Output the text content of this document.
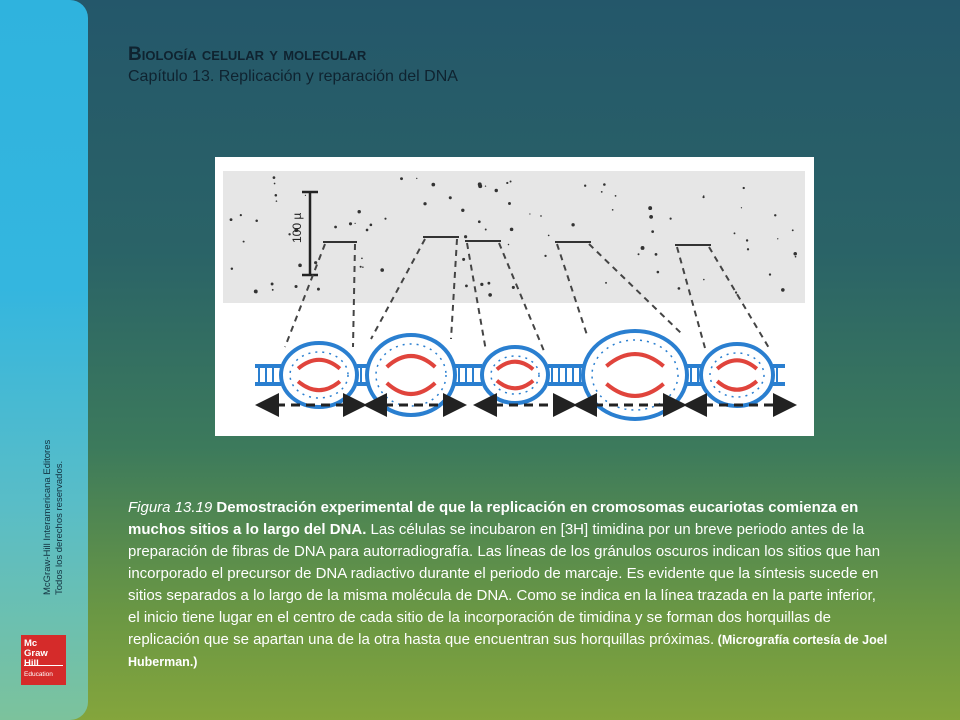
McGraw-Hill Interamericana Editores Todos los derechos reservados.
Mc
Graw
Hill
Education
Biología celular y molecular
Capítulo 13. Replicación y reparación del DNA
100 µ
Figura 13.19 Demostración experimental de que la replicación en cromosomas eucariotas comienza en muchos sitios a lo largo del DNA. Las células se incubaron en [3H] timidina por un breve periodo antes de la preparación de fibras de DNA para autorradiografía. Las líneas de los gránulos oscuros indican los sitios que han incorporado el precursor de DNA radiactivo durante el periodo de marcaje. Es evidente que la síntesis sucede en sitios separados a lo largo de la misma molécula de DNA. Como se indica en la línea trazada en la parte inferior, el inicio tiene lugar en el centro de cada sitio de la incorporación de timidina y se forman dos horquillas de replicación que se apartan una de la otra hasta que encuentran sus horquillas próximas. (Micrografía cortesía de Joel Huberman.)
